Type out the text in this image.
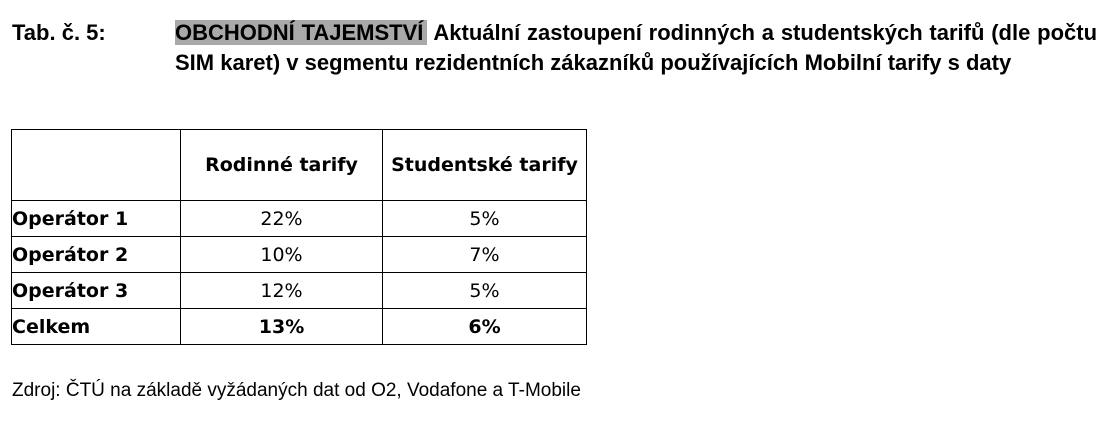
Tab. č. 5:	OBCHODNÍ TAJEMSTVÍ Aktuální zastoupení rodinných a studentských tarifů (dle počtu SIM karet) v segmentu rezidentních zákazníků používajících Mobilní tarify s daty
	Rodinné tarify	Studentské tarify
Operátor 1	22%	5%
Operátor 2	10%	7%
Operátor 3	12%	5%
Celkem	13%	6%
Zdroj: ČTÚ na základě vyžádaných dat od O2, Vodafone a T-Mobile
